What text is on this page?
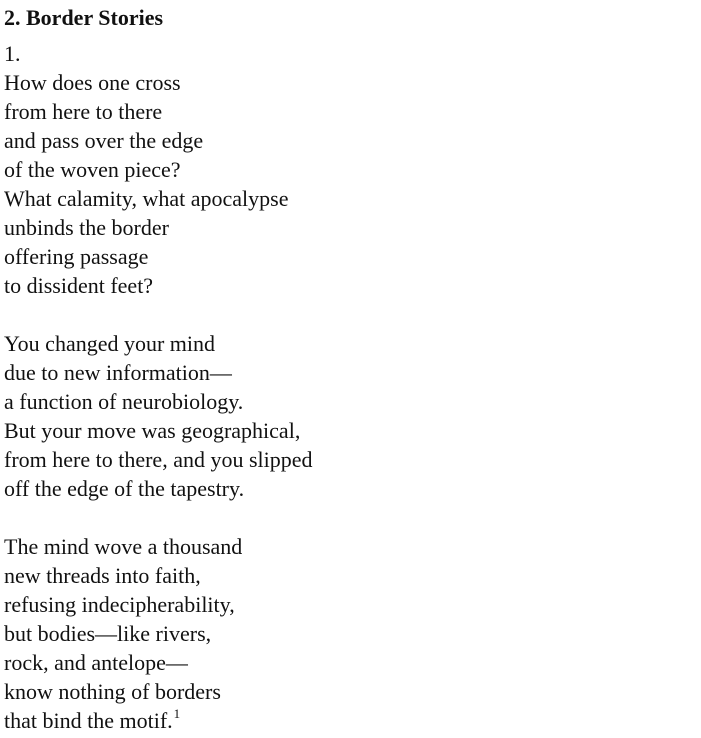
2. Border Stories
1.
How does one cross
from here to there
and pass over the edge
of the woven piece?
What calamity, what apocalypse
unbinds the border
offering passage
to dissident feet?
You changed your mind
due to new information—
a function of neurobiology.
But your move was geographical,
from here to there, and you slipped
off the edge of the tapestry.
The mind wove a thousand
new threads into faith,
refusing indecipherability,
but bodies—like rivers,
rock, and antelope—
know nothing of borders
that bind the motif.$^1$
